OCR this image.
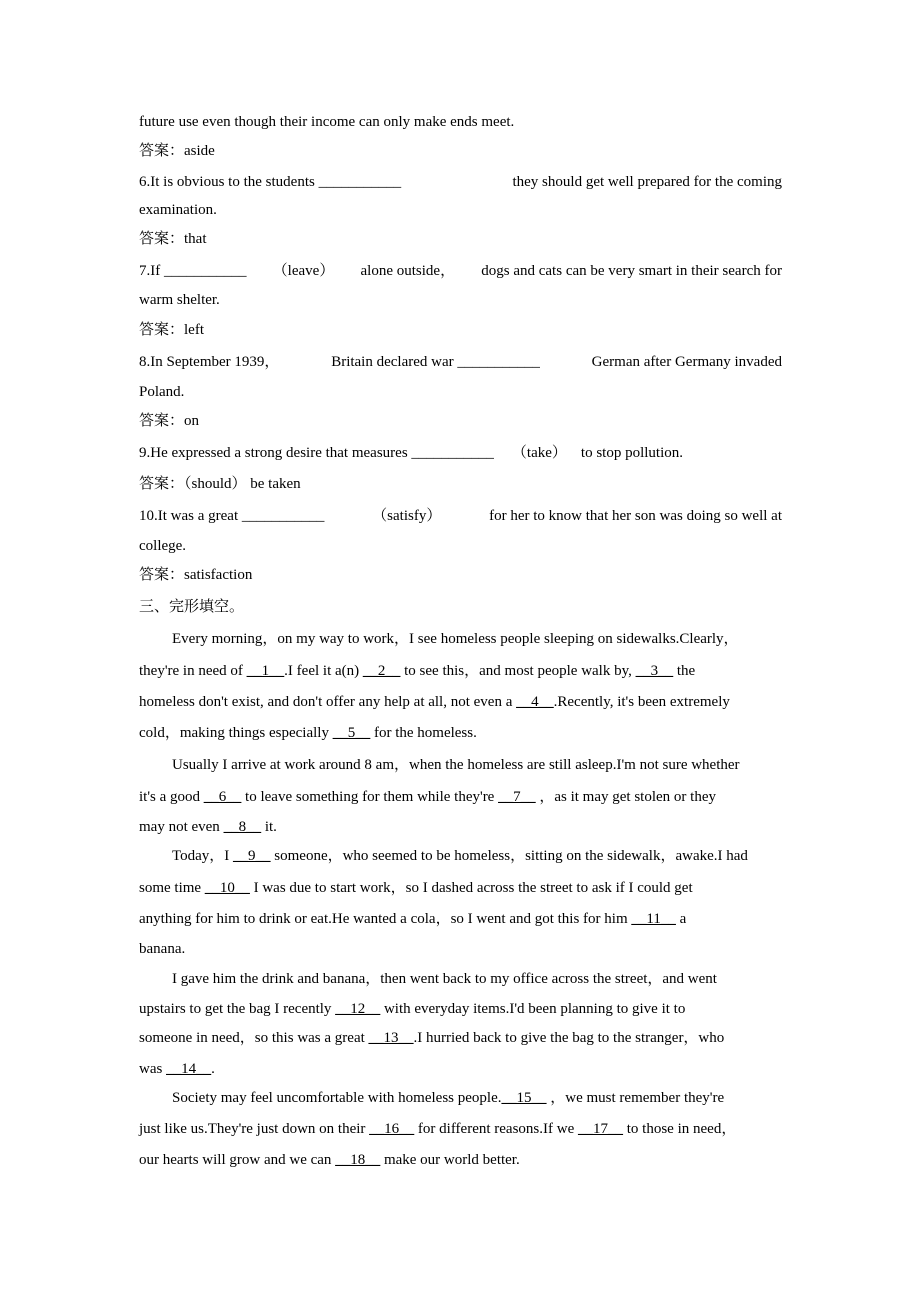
future use even though their income can only make ends meet.
答案：aside
6.It is obvious to the students ___________	they should get well prepared for the coming
examination.
答案：that
7.If ___________ （leave） alone outside， dogs and cats can be very smart in their search for
warm shelter.
答案：left
8.In September 1939，	Britain declared war ___________	German after Germany invaded
Poland.
答案：on
9.He expressed a strong desire that measures ___________ （take） to stop pollution.
答案：（should） be taken
10.It was a great ___________	（satisfy）	for her to know that her son was doing so well at
college.
答案：satisfaction
三、完形填空。
Every morning，on my way to work，I see homeless people sleeping on sidewalks.Clearly，
they're in need of __1__.I feel it a(n) __2__ to see this，and most people walk by, __3__ the
homeless don't exist, and don't offer any help at all, not even a __4__.Recently, it's been extremely
cold，making things especially __5__ for the homeless.
Usually I arrive at work around 8 am，when the homeless are still asleep.I'm not sure whether
it's a good __6__ to leave something for them while they're __7__ ，as it may get stolen or they
may not even __8__ it.
Today，I __9__ someone，who seemed to be homeless，sitting on the sidewalk，awake.I had
some time __10__ I was due to start work，so I dashed across the street to ask if I could get
anything for him to drink or eat.He wanted a cola，so I went and got this for him __11__ a
banana.
I gave him the drink and banana，then went back to my office across the street，and went
upstairs to get the bag I recently __12__ with everyday items.I'd been planning to give it to
someone in need，so this was a great __13__.I hurried back to give the bag to the stranger，who
was __14__.
Society may feel uncomfortable with homeless people.__15__ ，we must remember they're
just like us.They're just down on their __16__ for different reasons.If we __17__ to those in need，
our hearts will grow and we can __18__ make our world better.
